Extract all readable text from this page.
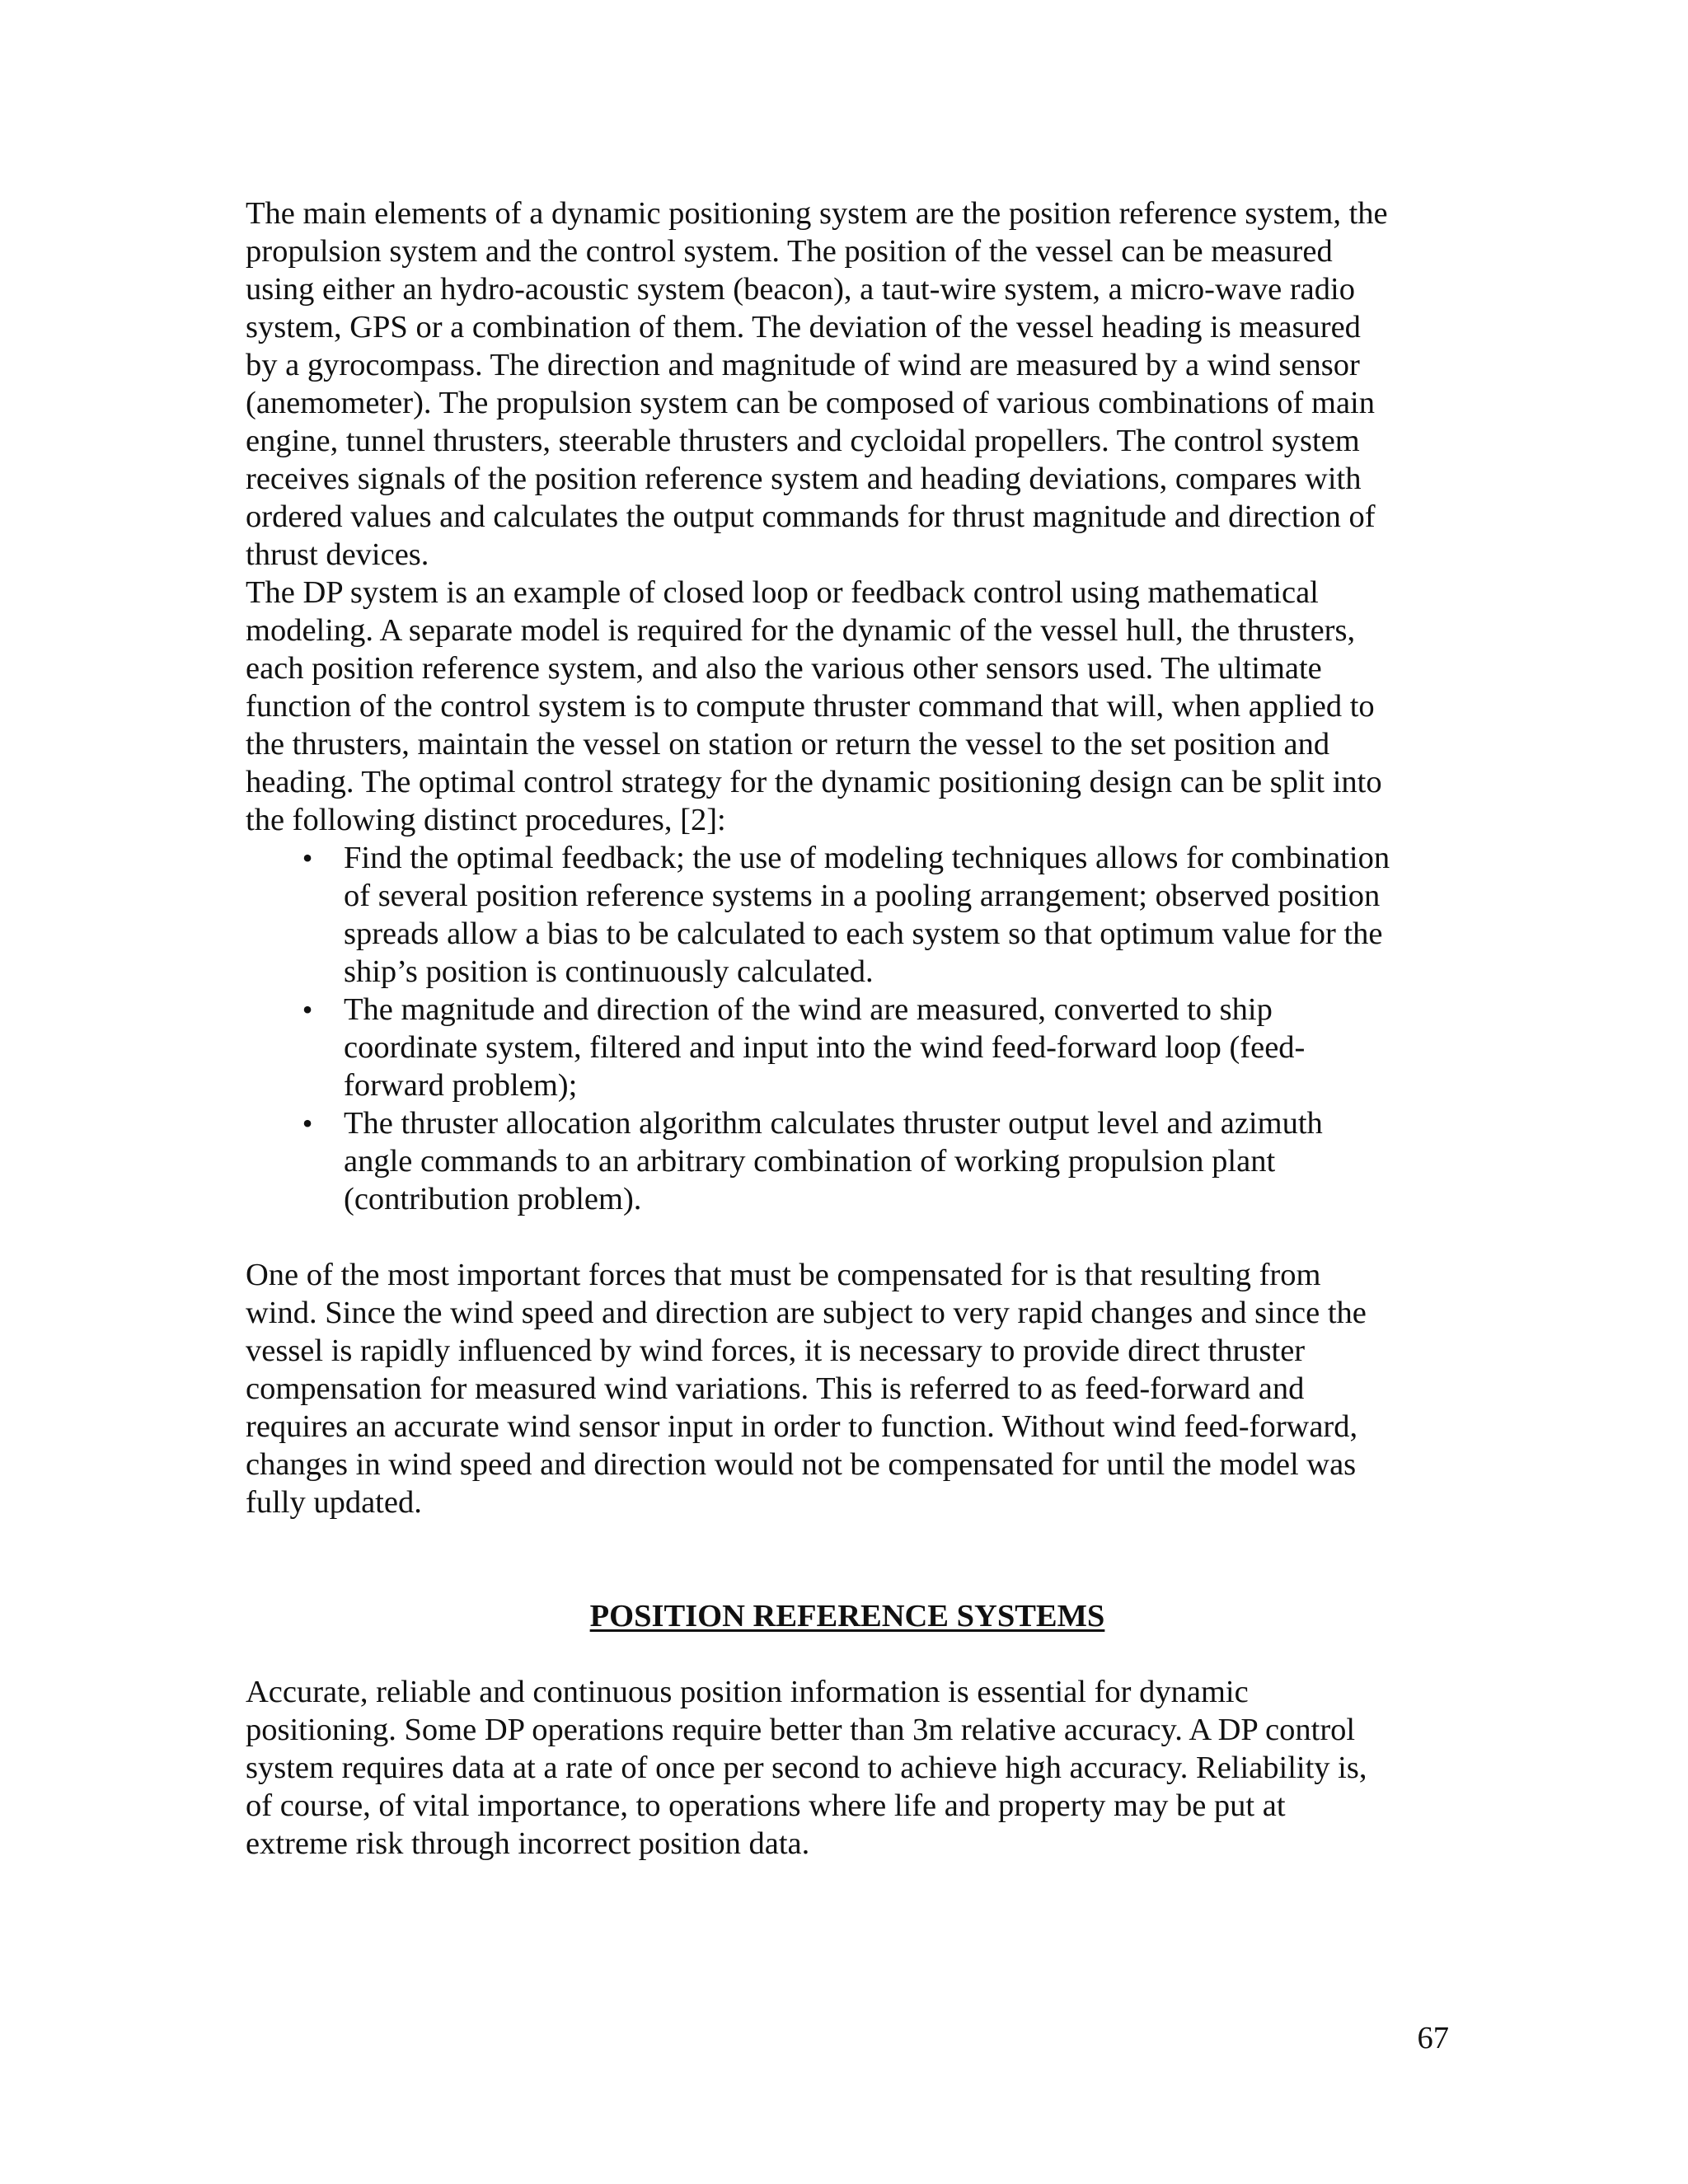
The main elements of a dynamic positioning system are the position reference system, the
propulsion system and the control system. The position of the vessel can be measured
using either an hydro-acoustic system (beacon), a taut-wire system, a micro-wave radio
system, GPS or a combination of them. The deviation of the vessel heading is measured
by a gyrocompass. The direction and magnitude of wind are measured by a wind sensor
(anemometer). The propulsion system can be composed of various combinations of main
engine, tunnel thrusters, steerable thrusters and cycloidal propellers. The control system
receives signals of the position reference system and heading deviations, compares with
ordered values and calculates the output commands for thrust magnitude and direction of
thrust devices.
The DP system is an example of closed loop or feedback control using mathematical
modeling. A separate model is required for the dynamic of the vessel hull, the thrusters,
each position reference system, and also the various other sensors used. The ultimate
function of the control system is to compute thruster command that will, when applied to
the thrusters, maintain the vessel on station or return the vessel to the set position and
heading. The optimal control strategy for the dynamic positioning design can be split into
the following distinct procedures, [2]:
• Find the optimal feedback; the use of modeling techniques allows for combination
of several position reference systems in a pooling arrangement; observed position
spreads allow a bias to be calculated to each system so that optimum value for the
ship’s position is continuously calculated.
• The magnitude and direction of the wind are measured, converted to ship
coordinate system, filtered and input into the wind feed-forward loop (feed-
forward problem);
• The thruster allocation algorithm calculates thruster output level and azimuth
angle commands to an arbitrary combination of working propulsion plant
(contribution problem).
One of the most important forces that must be compensated for is that resulting from
wind. Since the wind speed and direction are subject to very rapid changes and since the
vessel is rapidly influenced by wind forces, it is necessary to provide direct thruster
compensation for measured wind variations. This is referred to as feed-forward and
requires an accurate wind sensor input in order to function. Without wind feed-forward,
changes in wind speed and direction would not be compensated for until the model was
fully updated.
POSITION REFERENCE SYSTEMS
Accurate, reliable and continuous position information is essential for dynamic
positioning. Some DP operations require better than 3m relative accuracy. A DP control
system requires data at a rate of once per second to achieve high accuracy. Reliability is,
of course, of vital importance, to operations where life and property may be put at
extreme risk through incorrect position data.
67
